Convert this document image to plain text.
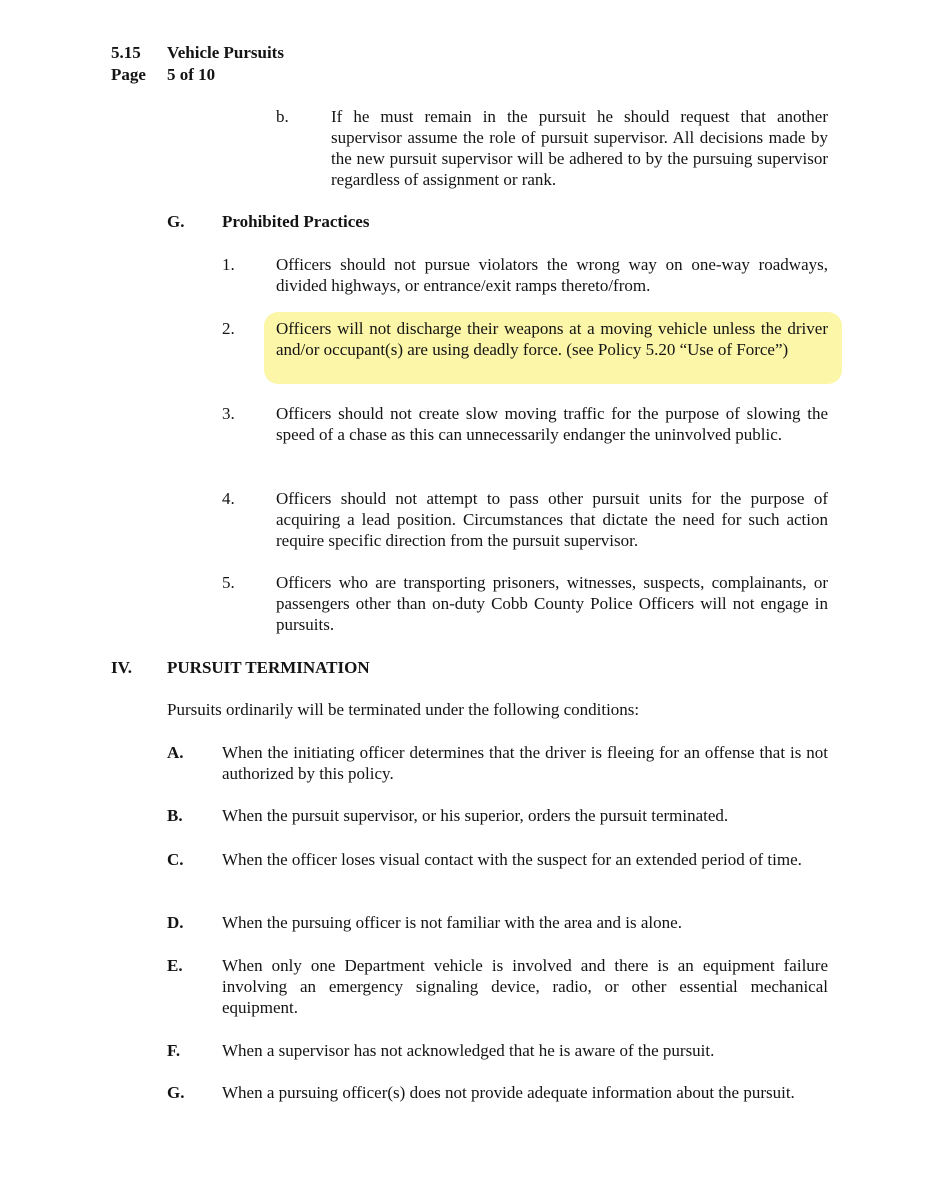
5.15 Vehicle Pursuits
Page 5 of 10
b. If he must remain in the pursuit he should request that another supervisor assume the role of pursuit supervisor. All decisions made by the new pursuit supervisor will be adhered to by the pursuing supervisor regardless of assignment or rank.
G. Prohibited Practices
1. Officers should not pursue violators the wrong way on one-way roadways, divided highways, or entrance/exit ramps thereto/from.
2. Officers will not discharge their weapons at a moving vehicle unless the driver and/or occupant(s) are using deadly force. (see Policy 5.20 “Use of Force”)
3. Officers should not create slow moving traffic for the purpose of slowing the speed of a chase as this can unnecessarily endanger the uninvolved public.
4. Officers should not attempt to pass other pursuit units for the purpose of acquiring a lead position. Circumstances that dictate the need for such action require specific direction from the pursuit supervisor.
5. Officers who are transporting prisoners, witnesses, suspects, complainants, or passengers other than on-duty Cobb County Police Officers will not engage in pursuits.
IV. PURSUIT TERMINATION
Pursuits ordinarily will be terminated under the following conditions:
A. When the initiating officer determines that the driver is fleeing for an offense that is not authorized by this policy.
B. When the pursuit supervisor, or his superior, orders the pursuit terminated.
C. When the officer loses visual contact with the suspect for an extended period of time.
D. When the pursuing officer is not familiar with the area and is alone.
E. When only one Department vehicle is involved and there is an equipment failure involving an emergency signaling device, radio, or other essential mechanical equipment.
F. When a supervisor has not acknowledged that he is aware of the pursuit.
G. When a pursuing officer(s) does not provide adequate information about the pursuit.
